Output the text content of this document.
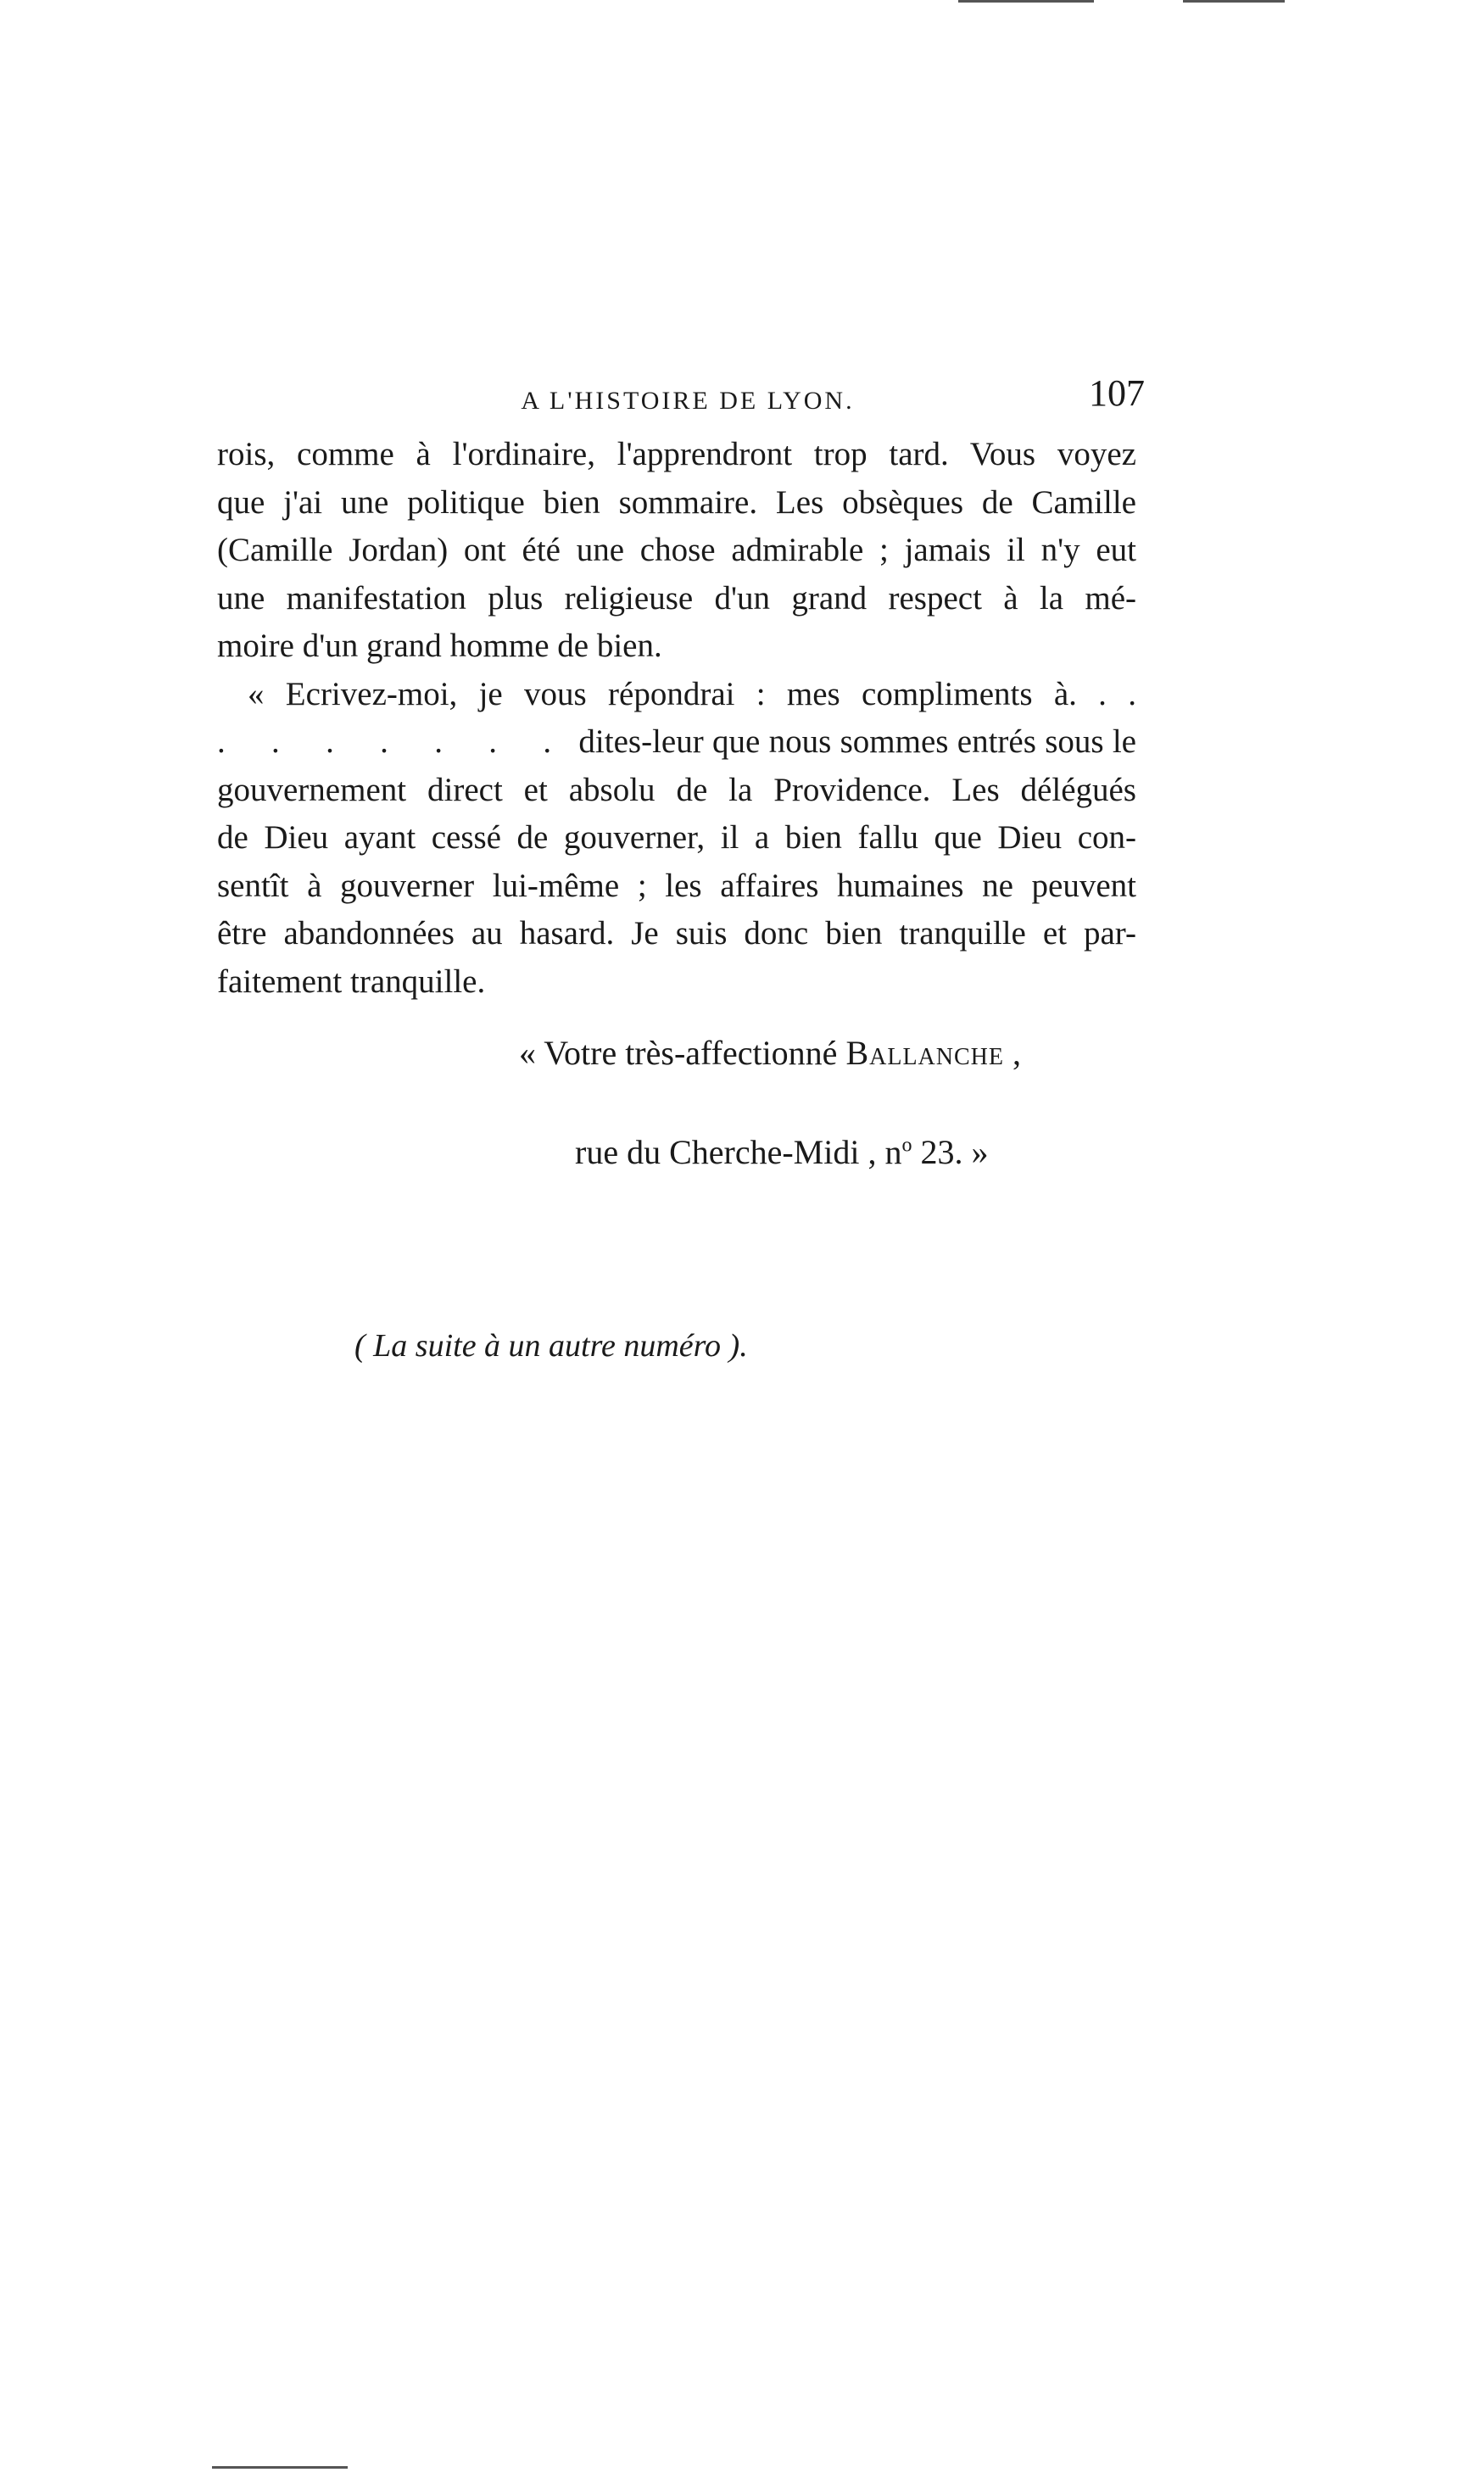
A L'HISTOIRE DE LYON.	107
rois, comme à l'ordinaire, l'apprendront trop tard. Vous voyez
que j'ai une politique bien sommaire. Les obsèques de Camille
(Camille Jordan) ont été une chose admirable ; jamais il n'y eut
une manifestation plus religieuse d'un grand respect à la mé-
moire d'un grand homme de bien.
« Ecrivez-moi, je vous répondrai : mes compliments à. . .
. . . . . . . dites-leur que nous sommes entrés sous le
gouvernement direct et absolu de la Providence. Les délégués
de Dieu ayant cessé de gouverner, il a bien fallu que Dieu con-
sentît à gouverner lui-même ; les affaires humaines ne peuvent
être abandonnées au hasard. Je suis donc bien tranquille et par-
faitement tranquille.
« Votre très-affectionné Ballanche ,
rue du Cherche-Midi , $n^o$ 23. »
( La suite à un autre numéro ).
